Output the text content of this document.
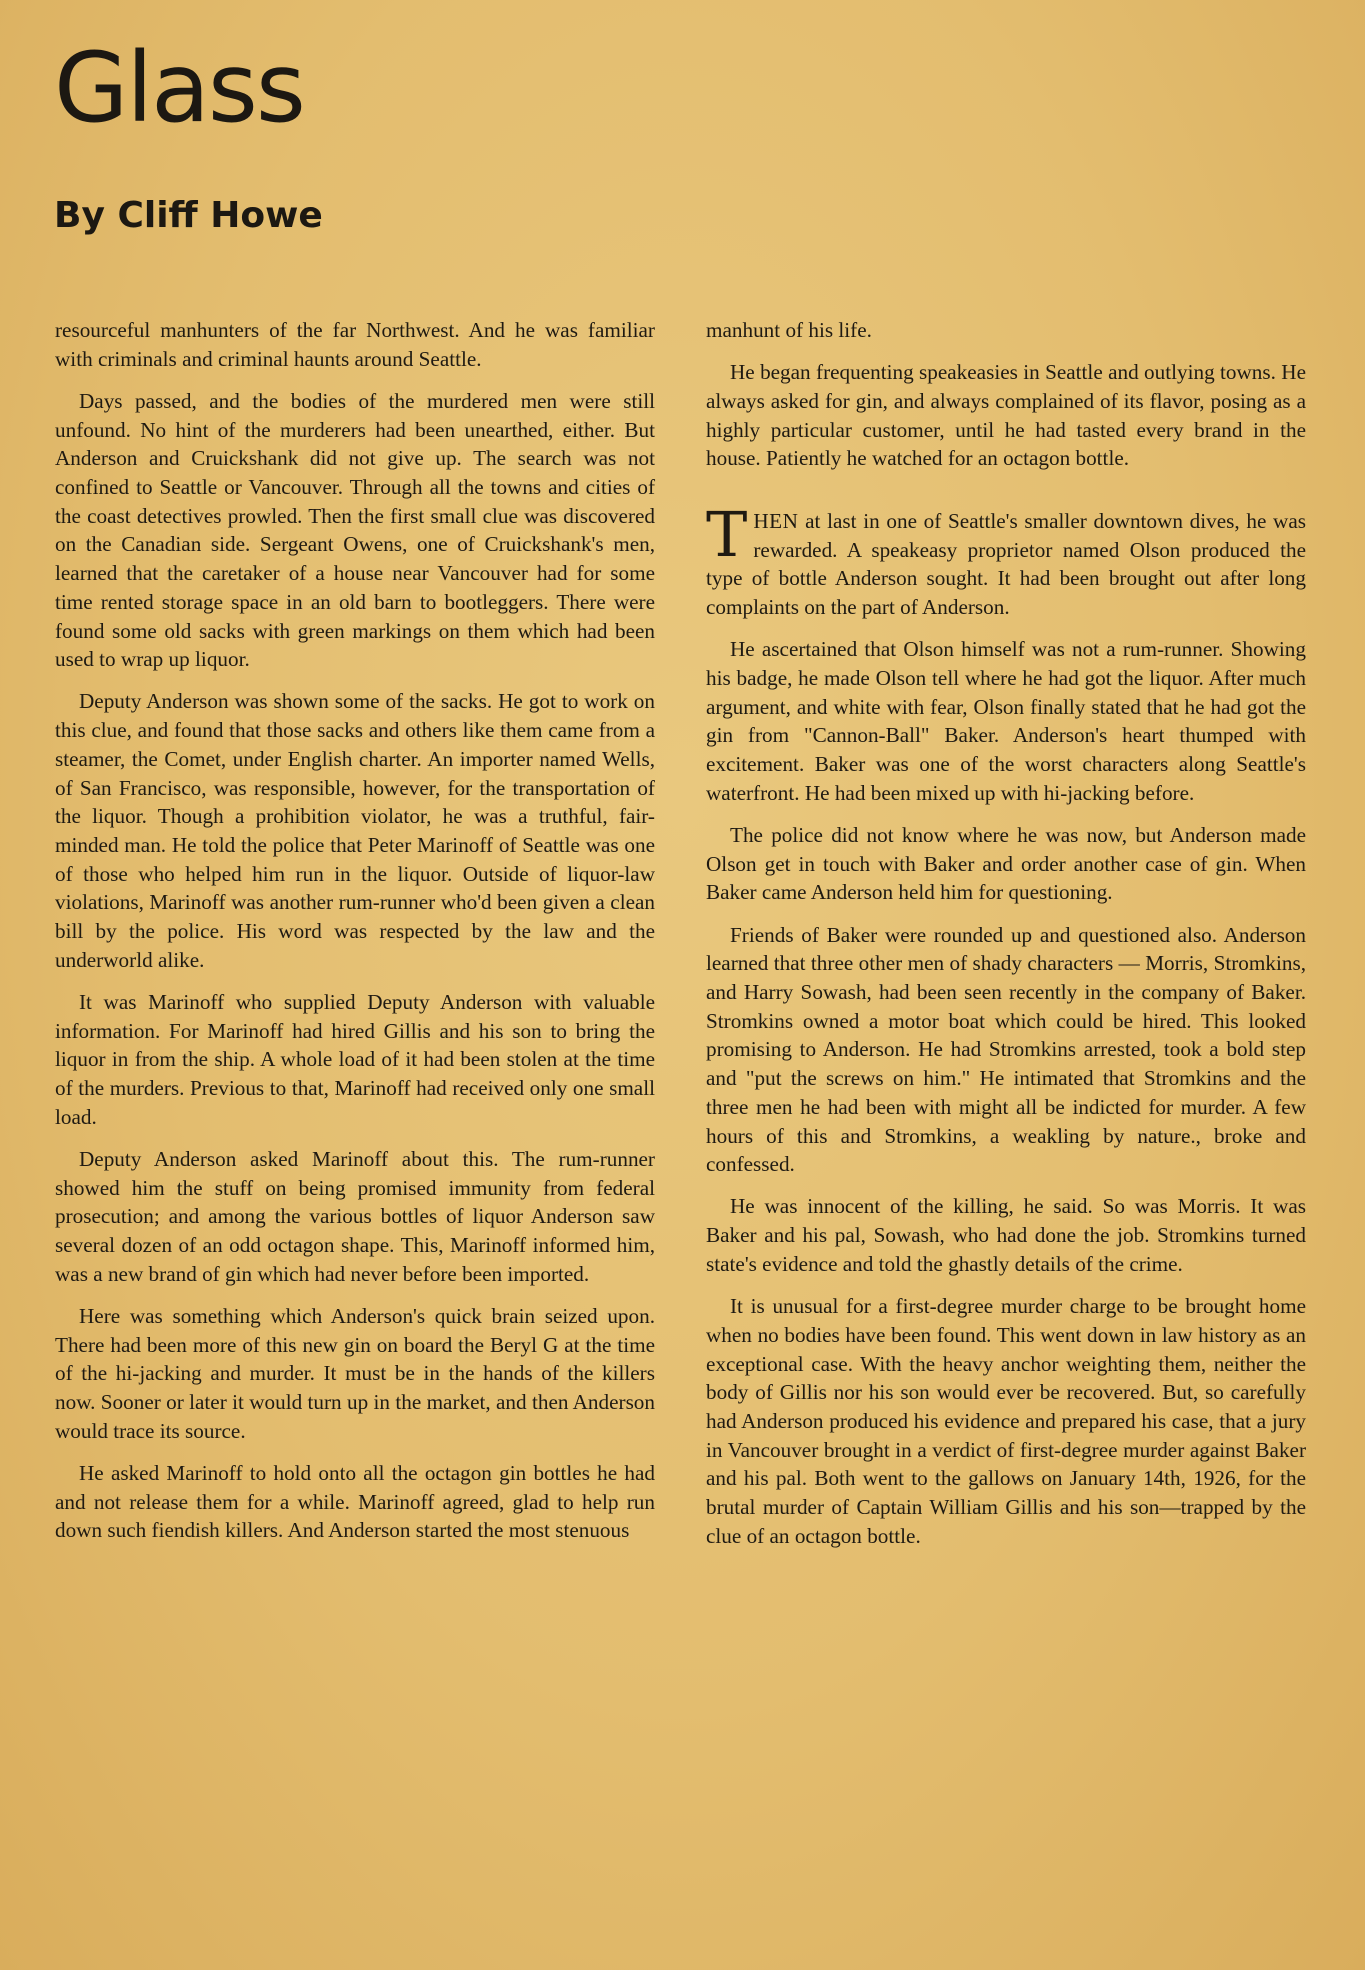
Glass
By Cliff Howe

resourceful manhunters of the far Northwest. And he was familiar with criminals and criminal haunts around Seattle.

Days passed, and the bodies of the murdered men were still unfound. No hint of the murderers had been unearthed, either. But Anderson and Cruickshank did not give up. The search was not confined to Seattle or Vancouver. Through all the towns and cities of the coast detectives prowled. Then the first small clue was discovered on the Canadian side. Sergeant Owens, one of Cruickshank's men, learned that the caretaker of a house near Vancouver had for some time rented storage space in an old barn to bootleggers. There were found some old sacks with green markings on them which had been used to wrap up liquor.

Deputy Anderson was shown some of the sacks. He got to work on this clue, and found that those sacks and others like them came from a steamer, the Comet, under English charter. An importer named Wells, of San Francisco, was responsible, however, for the transportation of the liquor. Though a prohibition violator, he was a truthful, fair-minded man. He told the police that Peter Marinoff of Seattle was one of those who helped him run in the liquor. Outside of liquor-law violations, Marinoff was another rum-runner who'd been given a clean bill by the police. His word was respected by the law and the underworld alike.

It was Marinoff who supplied Deputy Anderson with valuable information. For Marinoff had hired Gillis and his son to bring the liquor in from the ship. A whole load of it had been stolen at the time of the murders. Previous to that, Marinoff had received only one small load.

Deputy Anderson asked Marinoff about this. The rum-runner showed him the stuff on being promised immunity from federal prosecution; and among the various bottles of liquor Anderson saw several dozen of an odd octagon shape. This, Marinoff informed him, was a new brand of gin which had never before been imported.

Here was something which Anderson's quick brain seized upon. There had been more of this new gin on board the Beryl G at the time of the hi-jacking and murder. It must be in the hands of the killers now. Sooner or later it would turn up in the market, and then Anderson would trace its source.

He asked Marinoff to hold onto all the octagon gin bottles he had and not release them for a while. Marinoff agreed, glad to help run down such fiendish killers. And Anderson started the most stenuous

manhunt of his life.

He began frequenting speakeasies in Seattle and outlying towns. He always asked for gin, and always complained of its flavor, posing as a highly particular customer, until he had tasted every brand in the house. Patiently he watched for an octagon bottle.

THEN at last in one of Seattle's smaller downtown dives, he was rewarded. A speakeasy proprietor named Olson produced the type of bottle Anderson sought. It had been brought out after long complaints on the part of Anderson.

He ascertained that Olson himself was not a rum-runner. Showing his badge, he made Olson tell where he had got the liquor. After much argument, and white with fear, Olson finally stated that he had got the gin from "Cannon-Ball" Baker. Anderson's heart thumped with excitement. Baker was one of the worst characters along Seattle's waterfront. He had been mixed up with hi-jacking before.

The police did not know where he was now, but Anderson made Olson get in touch with Baker and order another case of gin. When Baker came Anderson held him for questioning.

Friends of Baker were rounded up and questioned also. Anderson learned that three other men of shady characters — Morris, Stromkins, and Harry Sowash, had been seen recently in the company of Baker. Stromkins owned a motor boat which could be hired. This looked promising to Anderson. He had Stromkins arrested, took a bold step and "put the screws on him." He intimated that Stromkins and the three men he had been with might all be indicted for murder. A few hours of this and Stromkins, a weakling by nature., broke and confessed.

He was innocent of the killing, he said. So was Morris. It was Baker and his pal, Sowash, who had done the job. Stromkins turned state's evidence and told the ghastly details of the crime.

It is unusual for a first-degree murder charge to be brought home when no bodies have been found. This went down in law history as an exceptional case. With the heavy anchor weighting them, neither the body of Gillis nor his son would ever be recovered. But, so carefully had Anderson produced his evidence and prepared his case, that a jury in Vancouver brought in a verdict of first-degree murder against Baker and his pal. Both went to the gallows on January 14th, 1926, for the brutal murder of Captain William Gillis and his son—trapped by the clue of an octagon bottle.
